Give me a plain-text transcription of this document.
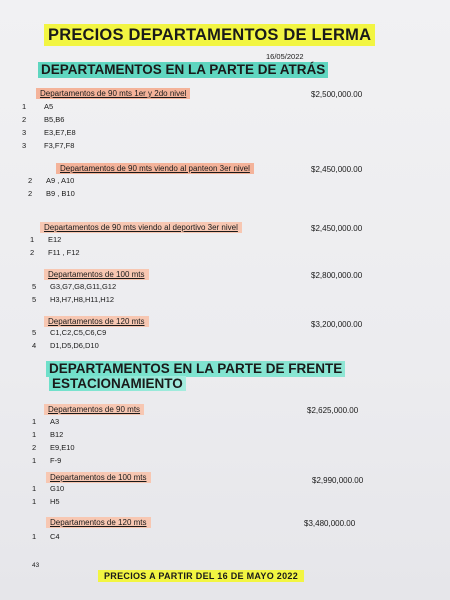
PRECIOS DEPARTAMENTOS DE LERMA
16/05/2022
DEPARTAMENTOS EN LA PARTE DE ATRÁS
Departamentos de 90 mts 1er y 2do nivel	$2,500,000.00
1 A5
2 B5,B6
3 E3,E7,E8
3 F3,F7,F8
Departamentos de 90 mts viendo al panteon 3er nivel	$2,450,000.00
2 A9 , A10
2 B9 , B10
Departamentos de 90 mts viendo al deportivo 3er nivel	$2,450,000.00
1 E12
2 F11 , F12
Departamentos de 100 mts	$2,800,000.00
5 G3,G7,G8,G11,G12
5 H3,H7,H8,H11,H12
Departamentos de 120 mts	$3,200,000.00
5 C1,C2,C5,C6,C9
4 D1,D5,D6,D10
DEPARTAMENTOS EN LA PARTE DE FRENTE
ESTACIONAMIENTO
Departamentos de 90 mts	$2,625,000.00
1 A3
1 B12
2 E9,E10
1 F-9
Departamentos de 100 mts	$2,990,000.00
1 G10
1 H5
Departamentos de 120 mts	$3,480,000.00
1 C4
43
PRECIOS A PARTIR DEL 16 DE MAYO 2022
